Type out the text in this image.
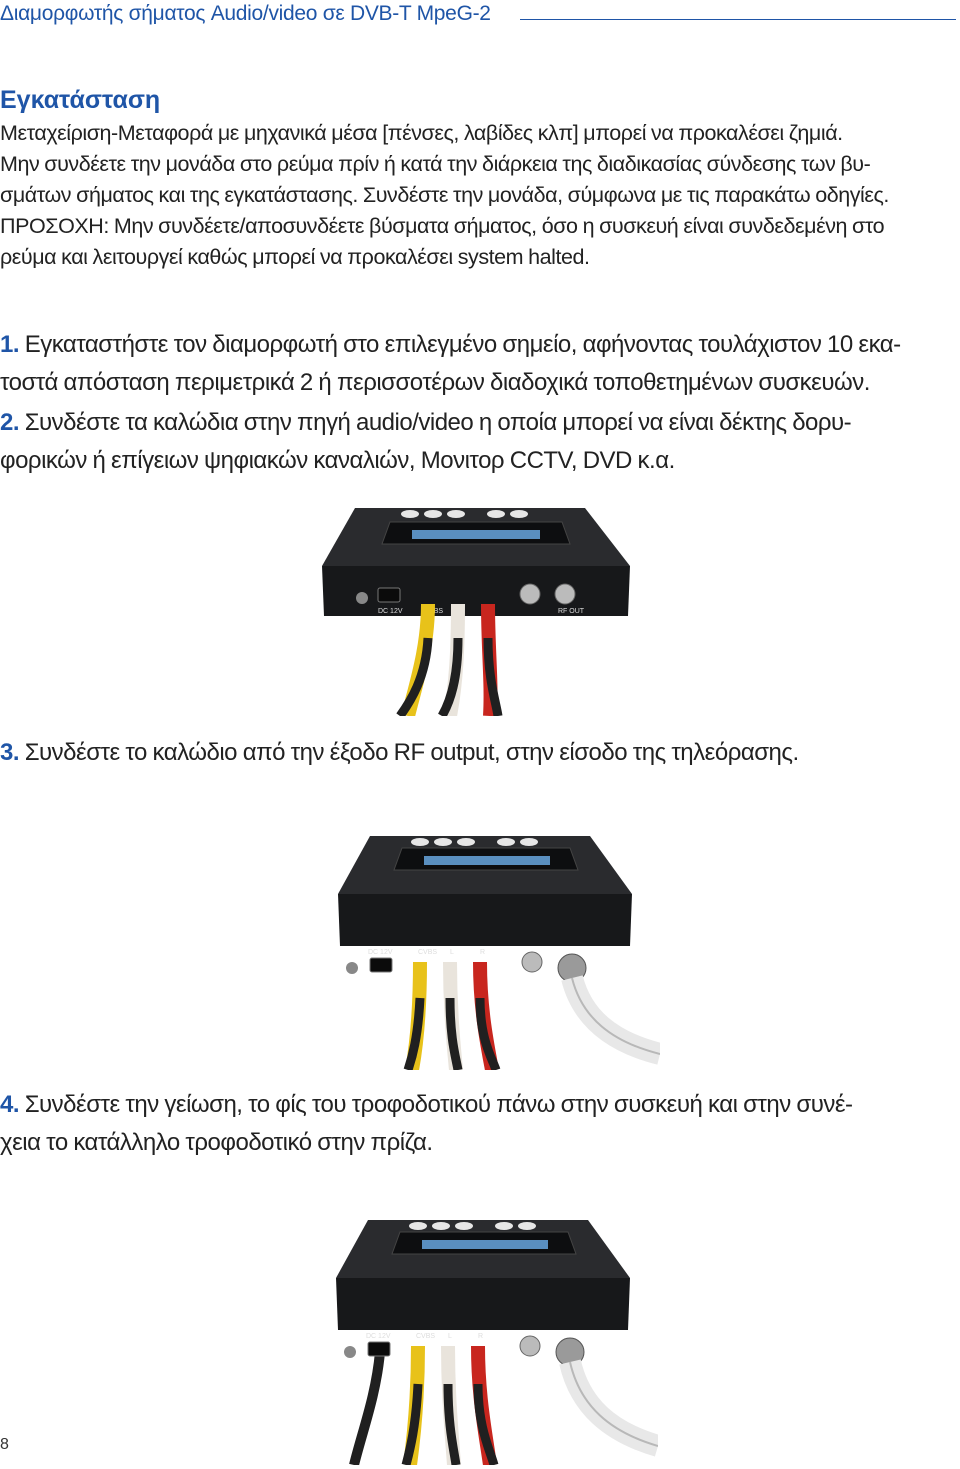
Διαμορφωτής σήματος Audio/video σε DVB-T MpeG-2
Εγκατάσταση
Μεταχείριση-Μεταφορά με μηχανικά μέσα [πένσες, λαβίδες κλπ] μπορεί να προκαλέσει ζημιά.
Μην συνδέετε την μονάδα στο ρεύμα πρίν ή κατά την διάρκεια της διαδικασίας σύνδεσης των βυ-
σμάτων σήματος και της εγκατάστασης. Συνδέστε την μονάδα, σύμφωνα με τις παρακάτω οδηγίες.
ΠΡΟΣΟΧΗ: Μην συνδέετε/αποσυνδέετε βύσματα σήματος, όσο η συσκευή είναι συνδεδεμένη στο
ρεύμα και λειτουργεί καθώς μπορεί να προκαλέσει system halted.
1. Εγκαταστήστε τον διαμορφωτή στο επιλεγμένο σημείο, αφήνοντας τουλάχιστον 10 εκα-
τοστά απόσταση περιμετρικά 2 ή περισσοτέρων διαδοχικά τοποθετημένων συσκευών.
2. Συνδέστε τα καλώδια στην πηγή audio/video η οποία μπορεί να είναι δέκτης δορυ-
φορικών ή επίγειων ψηφιακών καναλιών, Μονιτορ CCTV, DVD κ.α.
DC 12V	CVBS L	R	RF OUT
3. Συνδέστε το καλώδιο από την έξοδο RF output, στην είσοδο της τηλεόρασης.
DC 12V	CVBS L	R
4. Συνδέστε την γείωση, το φίς του τροφοδοτικού πάνω στην συσκευή και στην συνέ-
χεια το κατάλληλο τροφοδοτικό στην πρίζα.
DC 12V	CVBS L	R
8
